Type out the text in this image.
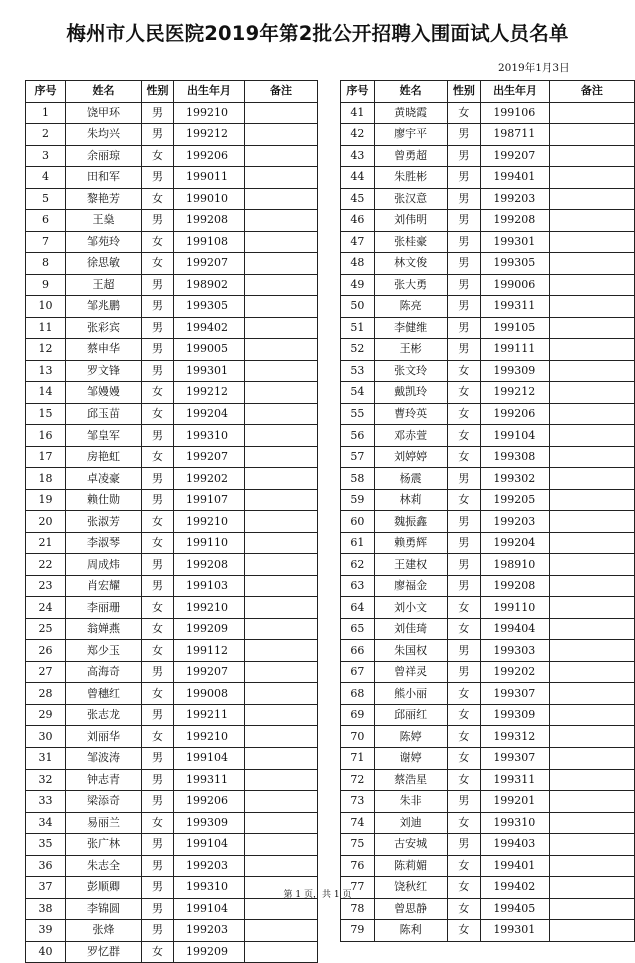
梅州市人民医院2019年第2批公开招聘入围面试人员名单
2019年1月3日
序号	姓名	性别	出生年月	备注
1	饶甲环	男	199210	
2	朱均兴	男	199212	
3	余丽琼	女	199206	
4	田和军	男	199011	
5	黎艳芳	女	199010	
6	王燊	男	199208	
7	邹苑玲	女	199108	
8	徐思敏	女	199207	
9	王超	男	198902	
10	邹兆鹏	男	199305	
11	张彩宾	男	199402	
12	蔡申华	男	199005	
13	罗文锋	男	199301	
14	邹嫚嫚	女	199212	
15	邱玉苗	女	199204	
16	邹皇军	男	199310	
17	房艳虹	女	199207	
18	卓凌豪	男	199202	
19	赖仕勋	男	199107	
20	张淑芳	女	199210	
21	李淑琴	女	199110	
22	周成炜	男	199208	
23	肖宏耀	男	199103	
24	李丽珊	女	199210	
25	翁婵燕	女	199209	
26	郑少玉	女	199112	
27	高海奇	男	199207	
28	曾穗红	女	199008	
29	张志龙	男	199211	
30	刘丽华	女	199210	
31	邹波涛	男	199104	
32	钟志青	男	199311	
33	梁添奇	男	199206	
34	易丽兰	女	199309	
35	张广林	男	199104	
36	朱志全	男	199203	
37	彭顺卿	男	199310	
38	李锦圆	男	199104	
39	张烽	男	199203	
40	罗忆群	女	199209	
序号	姓名	性别	出生年月	备注
41	黄晓霞	女	199106	
42	廖宇平	男	198711	
43	曾勇超	男	199207	
44	朱胜彬	男	199401	
45	张汉意	男	199203	
46	刘伟明	男	199208	
47	张桂豪	男	199301	
48	林文俊	男	199305	
49	张大勇	男	199006	
50	陈亮	男	199311	
51	李健维	男	199105	
52	王彬	男	199111	
53	张文玲	女	199309	
54	戴凯玲	女	199212	
55	曹玲英	女	199206	
56	邓赤萱	女	199104	
57	刘婷婷	女	199308	
58	杨震	男	199302	
59	林莉	女	199205	
60	魏振鑫	男	199203	
61	赖勇辉	男	199204	
62	王建权	男	198910	
63	廖福金	男	199208	
64	刘小文	女	199110	
65	刘佳琦	女	199404	
66	朱国权	男	199303	
67	曾祥灵	男	199202	
68	熊小丽	女	199307	
69	邱丽红	女	199309	
70	陈婷	女	199312	
71	谢婷	女	199307	
72	蔡浩星	女	199311	
73	朱非	男	199201	
74	刘迪	女	199310	
75	古安城	男	199403	
76	陈莉媚	女	199401	
77	饶秋红	女	199402	
78	曾思静	女	199405	
79	陈利	女	199301	
第 1 页，共 1 页
